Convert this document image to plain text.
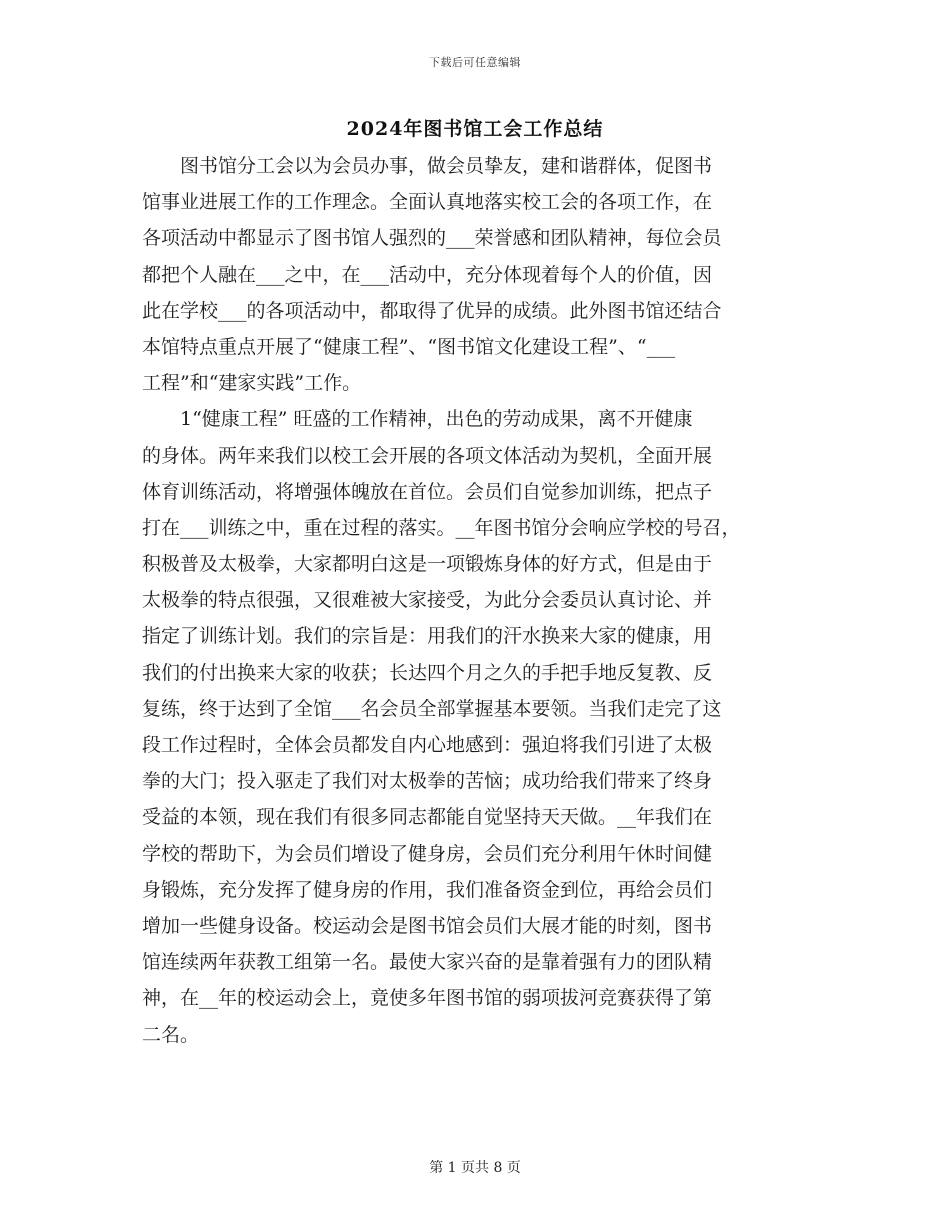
下载后可任意编辑
2024年图书馆工会工作总结
　　图书馆分工会以为会员办事，做会员挚友，建和谐群体，促图书
馆事业进展工作的工作理念。全面认真地落实校工会的各项工作，在
各项活动中都显示了图书馆人强烈的___荣誉感和团队精神，每位会员
都把个人融在___之中，在___活动中，充分体现着每个人的价值，因
此在学校___的各项活动中，都取得了优异的成绩。此外图书馆还结合
本馆特点重点开展了“健康工程”、“图书馆文化建设工程”、“___
工程”和“建家实践”工作。
　　1“健康工程” 旺盛的工作精神，出色的劳动成果，离不开健康
的身体。两年来我们以校工会开展的各项文体活动为契机，全面开展
体育训练活动，将增强体魄放在首位。会员们自觉参加训练，把点子
打在___训练之中，重在过程的落实。__年图书馆分会响应学校的号召，
积极普及太极拳，大家都明白这是一项锻炼身体的好方式，但是由于
太极拳的特点很强，又很难被大家接受，为此分会委员认真讨论、并
指定了训练计划。我们的宗旨是：用我们的汗水换来大家的健康，用
我们的付出换来大家的收获；长达四个月之久的手把手地反复教、反
复练，终于达到了全馆___名会员全部掌握基本要领。当我们走完了这
段工作过程时，全体会员都发自内心地感到：强迫将我们引进了太极
拳的大门；投入驱走了我们对太极拳的苦恼；成功给我们带来了终身
受益的本领，现在我们有很多同志都能自觉坚持天天做。__年我们在
学校的帮助下，为会员们增设了健身房，会员们充分利用午休时间健
身锻炼，充分发挥了健身房的作用，我们准备资金到位，再给会员们
增加一些健身设备。校运动会是图书馆会员们大展才能的时刻，图书
馆连续两年获教工组第一名。最使大家兴奋的是靠着强有力的团队精
神，在__年的校运动会上，竟使多年图书馆的弱项拔河竞赛获得了第
二名。
第 1 页共 8 页
